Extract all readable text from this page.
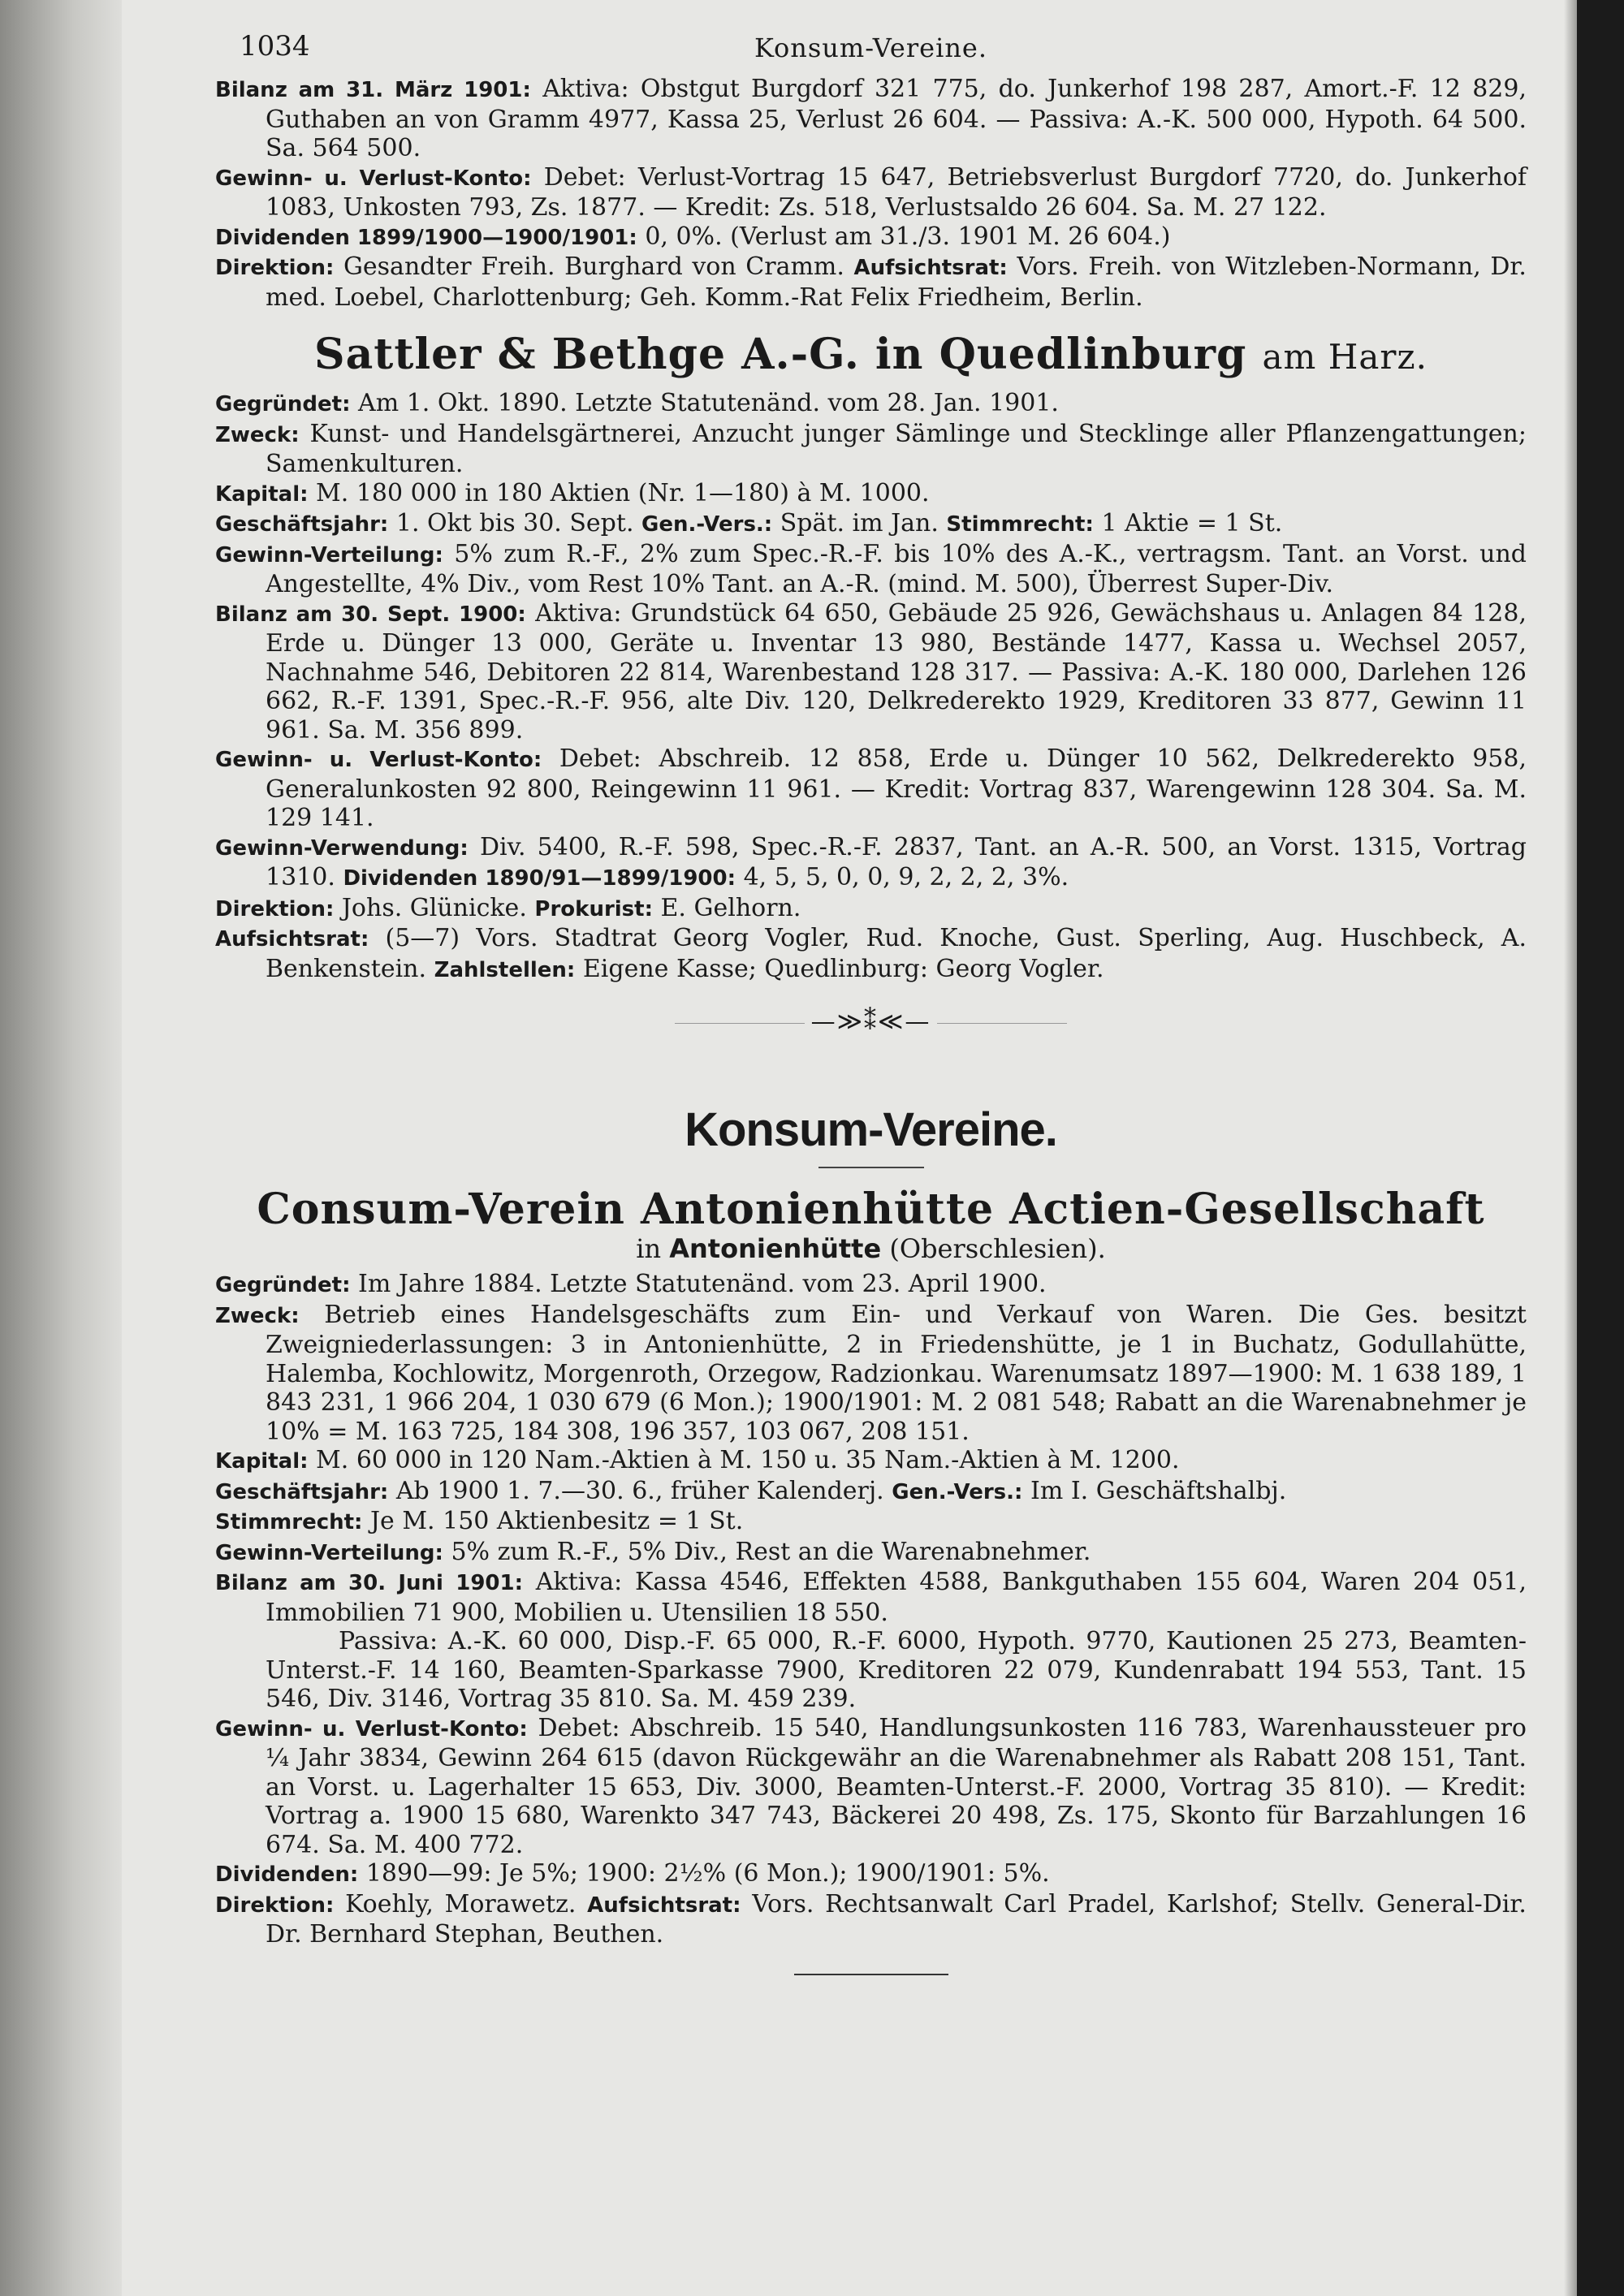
1034	Konsum-Vereine.

Bilanz am 31. März 1901: Aktiva: Obstgut Burgdorf 321 775, do. Junkerhof 198 287, Amort.-F. 12 829, Guthaben an von Gramm 4977, Kassa 25, Verlust 26 604. — Passiva: A.-K. 500 000, Hypoth. 64 500. Sa. 564 500.

Gewinn- u. Verlust-Konto: Debet: Verlust-Vortrag 15 647, Betriebsverlust Burgdorf 7720, do. Junkerhof 1083, Unkosten 793, Zs. 1877. — Kredit: Zs. 518, Verlustsaldo 26 604. Sa. M. 27 122.

Dividenden 1899/1900—1900/1901: 0, 0%. (Verlust am 31./3. 1901 M. 26 604.)

Direktion: Gesandter Freih. Burghard von Cramm. Aufsichtsrat: Vors. Freih. von Witzleben-Normann, Dr. med. Loebel, Charlottenburg; Geh. Komm.-Rat Felix Friedheim, Berlin.

Sattler & Bethge A.-G. in Quedlinburg am Harz.

Gegründet: Am 1. Okt. 1890. Letzte Statutenänd. vom 28. Jan. 1901.

Zweck: Kunst- und Handelsgärtnerei, Anzucht junger Sämlinge und Stecklinge aller Pflanzengattungen; Samenkulturen.

Kapital: M. 180 000 in 180 Aktien (Nr. 1—180) à M. 1000.

Geschäftsjahr: 1. Okt bis 30. Sept. Gen.-Vers.: Spät. im Jan. Stimmrecht: 1 Aktie = 1 St.

Gewinn-Verteilung: 5% zum R.-F., 2% zum Spec.-R.-F. bis 10% des A.-K., vertragsm. Tant. an Vorst. und Angestellte, 4% Div., vom Rest 10% Tant. an A.-R. (mind. M. 500), Überrest Super-Div.

Bilanz am 30. Sept. 1900: Aktiva: Grundstück 64 650, Gebäude 25 926, Gewächshaus u. Anlagen 84 128, Erde u. Dünger 13 000, Geräte u. Inventar 13 980, Bestände 1477, Kassa u. Wechsel 2057, Nachnahme 546, Debitoren 22 814, Warenbestand 128 317. — Passiva: A.-K. 180 000, Darlehen 126 662, R.-F. 1391, Spec.-R.-F. 956, alte Div. 120, Delkrederekto 1929, Kreditoren 33 877, Gewinn 11 961. Sa. M. 356 899.

Gewinn- u. Verlust-Konto: Debet: Abschreib. 12 858, Erde u. Dünger 10 562, Delkrederekto 958, Generalunkosten 92 800, Reingewinn 11 961. — Kredit: Vortrag 837, Warengewinn 128 304. Sa. M. 129 141.

Gewinn-Verwendung: Div. 5400, R.-F. 598, Spec.-R.-F. 2837, Tant. an A.-R. 500, an Vorst. 1315, Vortrag 1310. Dividenden 1890/91—1899/1900: 4, 5, 5, 0, 0, 9, 2, 2, 2, 3%.

Direktion: Johs. Glünicke. Prokurist: E. Gelhorn.

Aufsichtsrat: (5—7) Vors. Stadtrat Georg Vogler, Rud. Knoche, Gust. Sperling, Aug. Huschbeck, A. Benkenstein. Zahlstellen: Eigene Kasse; Quedlinburg: Georg Vogler.

—≫⁑≪—
Konsum-Vereine.
Consum-Verein Antonienhütte Actien-Gesellschaft
in Antonienhütte (Oberschlesien).

Gegründet: Im Jahre 1884. Letzte Statutenänd. vom 23. April 1900.

Zweck: Betrieb eines Handelsgeschäfts zum Ein- und Verkauf von Waren. Die Ges. besitzt Zweigniederlassungen: 3 in Antonienhütte, 2 in Friedenshütte, je 1 in Buchatz, Godullahütte, Halemba, Kochlowitz, Morgenroth, Orzegow, Radzionkau. Warenumsatz 1897—1900: M. 1 638 189, 1 843 231, 1 966 204, 1 030 679 (6 Mon.); 1900/1901: M. 2 081 548; Rabatt an die Warenabnehmer je 10% = M. 163 725, 184 308, 196 357, 103 067, 208 151.

Kapital: M. 60 000 in 120 Nam.-Aktien à M. 150 u. 35 Nam.-Aktien à M. 1200.

Geschäftsjahr: Ab 1900 1. 7.—30. 6., früher Kalenderj. Gen.-Vers.: Im I. Geschäftshalbj.

Stimmrecht: Je M. 150 Aktienbesitz = 1 St.

Gewinn-Verteilung: 5% zum R.-F., 5% Div., Rest an die Warenabnehmer.

Bilanz am 30. Juni 1901: Aktiva: Kassa 4546, Effekten 4588, Bankguthaben 155 604, Waren 204 051, Immobilien 71 900, Mobilien u. Utensilien 18 550.
Passiva: A.-K. 60 000, Disp.-F. 65 000, R.-F. 6000, Hypoth. 9770, Kautionen 25 273, Beamten-Unterst.-F. 14 160, Beamten-Sparkasse 7900, Kreditoren 22 079, Kundenrabatt 194 553, Tant. 15 546, Div. 3146, Vortrag 35 810. Sa. M. 459 239.

Gewinn- u. Verlust-Konto: Debet: Abschreib. 15 540, Handlungsunkosten 116 783, Warenhaussteuer pro ¼ Jahr 3834, Gewinn 264 615 (davon Rückgewähr an die Warenabnehmer als Rabatt 208 151, Tant. an Vorst. u. Lagerhalter 15 653, Div. 3000, Beamten-Unterst.-F. 2000, Vortrag 35 810). — Kredit: Vortrag a. 1900 15 680, Warenkto 347 743, Bäckerei 20 498, Zs. 175, Skonto für Barzahlungen 16 674. Sa. M. 400 772.

Dividenden: 1890—99: Je 5%; 1900: 2½% (6 Mon.); 1900/1901: 5%.

Direktion: Koehly, Morawetz. Aufsichtsrat: Vors. Rechtsanwalt Carl Pradel, Karlshof; Stellv. General-Dir. Dr. Bernhard Stephan, Beuthen.
